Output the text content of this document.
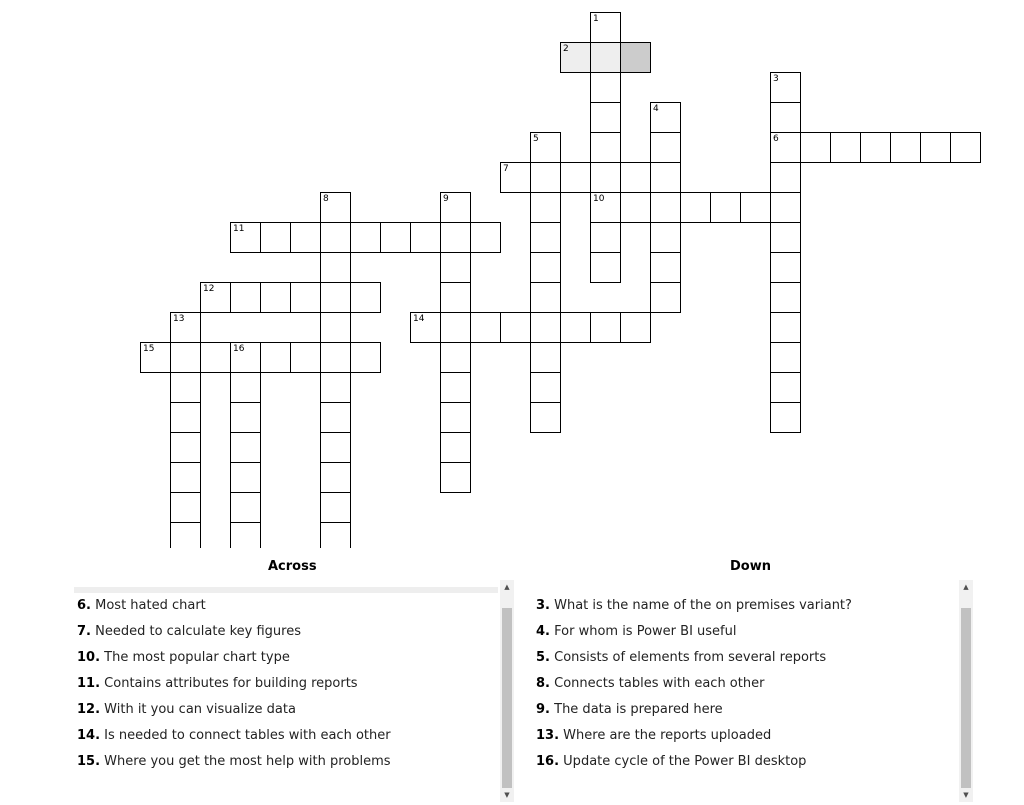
1
2
3
4
5	6
7
8	9	10
11
12
13	14
15	16
Across	Down
6. Most hated chart
7. Needed to calculate key figures
10. The most popular chart type
11. Contains attributes for building reports
12. With it you can visualize data
14. Is needed to connect tables with each other
15. Where you get the most help with problems
▲
▼
3. What is the name of the on premises variant?
4. For whom is Power BI useful
5. Consists of elements from several reports
8. Connects tables with each other
9. The data is prepared here
13. Where are the reports uploaded
16. Update cycle of the Power BI desktop
▲
▼
